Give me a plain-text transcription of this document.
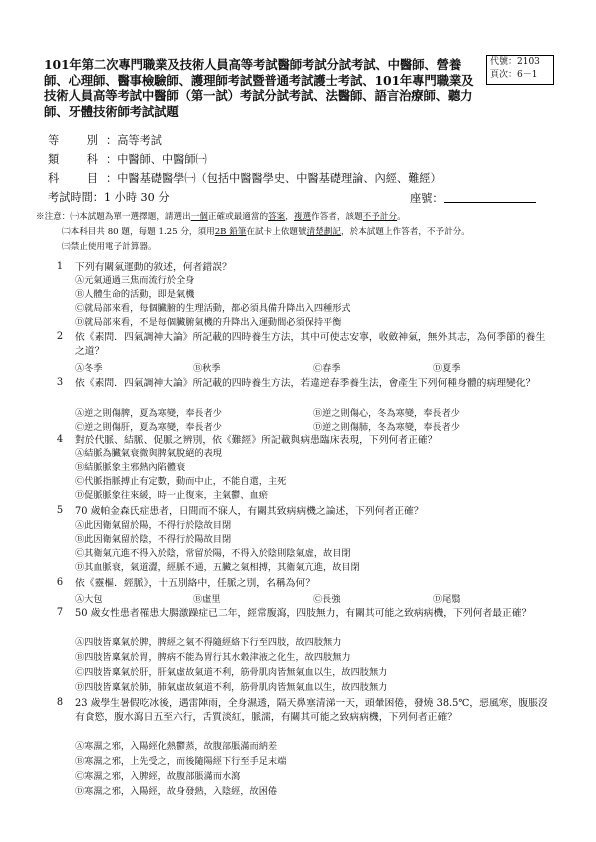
101年第二次專門職業及技術人員高等考試醫師考試分試考試、中醫師、營養師、心理師、醫事檢驗師、護理師考試暨普通考試護士考試、101年專門職業及技術人員高等考試中醫師（第一試）考試分試考試、法醫師、語言治療師、聽力師、牙體技術師考試試題
代號：2103
頁次：6－1
等 別 ：高等考試
類 科 ：中醫師、中醫師㈠
科 目 ：中醫基礎醫學㈠（包括中醫醫學史、中醫基礎理論、內經、難經）
考試時間：1 小時 30 分	座號：
※注意：㈠本試題為單一選擇題，請選出一個正確或最適當的答案，複選作答者，該題不予計分。
㈡本科目共 80 題，每題 1.25 分，須用2B 鉛筆在試卡上依題號清楚劃記，於本試題上作答者，不予計分。
㈢禁止使用電子計算器。
1	下列有關氣運動的敘述，何者錯誤？
Ⓐ元氣通過三焦而流行於全身
Ⓑ人體生命的活動，即是氣機
Ⓒ就局部來看，每個臟腑的生理活動，都必須具備升降出入四種形式
Ⓓ就局部來看，不是每個臟腑氣機的升降出入運動間必須保持平衡
2	依《素問．四氣調神大論》所記載的四時養生方法，其中可使志安寧，收斂神氣，無外其志，為何季節的養生之道？
Ⓐ冬季	Ⓑ秋季	Ⓒ春季	Ⓓ夏季
3	依《素問．四氣調神大論》所記載的四時養生方法，若違逆春季養生法，會產生下列何種身體的病理變化？
Ⓐ逆之則傷脾，夏為寒變，奉長者少	Ⓑ逆之則傷心，冬為寒變，奉長者少
Ⓒ逆之則傷肝，夏為寒變，奉長者少	Ⓓ逆之則傷肺，冬為寒變，奉長者少
4	對於代脈、結脈、促脈之辨別，依《難經》所記載與病患臨床表現，下列何者正確？
Ⓐ結脈為臟氣衰微與脾氣脫絕的表現
Ⓑ結脈脈象主邪熱內陷體衰
Ⓒ代脈指脈搏止有定數，動而中止，不能自還，主死
Ⓓ促脈脈象往來緩，時一止復來，主氣鬱、血瘀
5	70 歲帕金森氏症患者，日間而不寐人，有關其致病病機之論述，下列何者正確？
Ⓐ此因衛氣留於陽，不得行於陰故目閉
Ⓑ此因衛氣留於陰，不得行於陽故目閉
Ⓒ其衛氣亢進不得入於陰，常留於陽，不得入於陰則陰氣虛，故目閉
Ⓓ其血脈衰，氣道澀，經脈不通，五臟之氣相搏，其衛氣亢進，故目閉
6	依《靈樞．經脈》，十五別絡中，任脈之別，名稱為何？
Ⓐ大包	Ⓑ虛里	Ⓒ長強	Ⓓ尾翳
7	50 歲女性患者罹患大腸激躁症已二年，經常腹瀉，四肢無力，有關其可能之致病病機，下列何者最正確？
Ⓐ四肢皆稟氣於脾，脾經之氣不得隨經絡下行至四肢，故四肢無力
Ⓑ四肢皆稟氣於胃，脾病不能為胃行其水穀津液之化生，故四肢無力
Ⓒ四肢皆稟氣於肝，肝氣虛故氣道不利，筋骨肌肉皆無氣血以生，故四肢無力
Ⓓ四肢皆稟氣於肺，肺氣虛故氣道不利，筋骨肌肉皆無氣血以生，故四肢無力
8	23 歲學生暑假吃冰後，遇雷陣雨，全身濕透，隔天鼻塞清涕一天，頭暈困倦，發燒 38.5℃，惡風寒，腹脹沒有食慾，腹水瀉日五至六行，舌質淡紅，脈濡，有關其可能之致病病機，下列何者正確？
Ⓐ寒濕之邪，入陽經化熱鬱蒸，故腹部脹滿而納差
Ⓑ寒濕之邪，上先受之，而後隨陽經下行至手足末端
Ⓒ寒濕之邪，入脾經，故腹部脹滿而水瀉
Ⓓ寒濕之邪，入陽經，故身發熱，入陰經，故困倦
